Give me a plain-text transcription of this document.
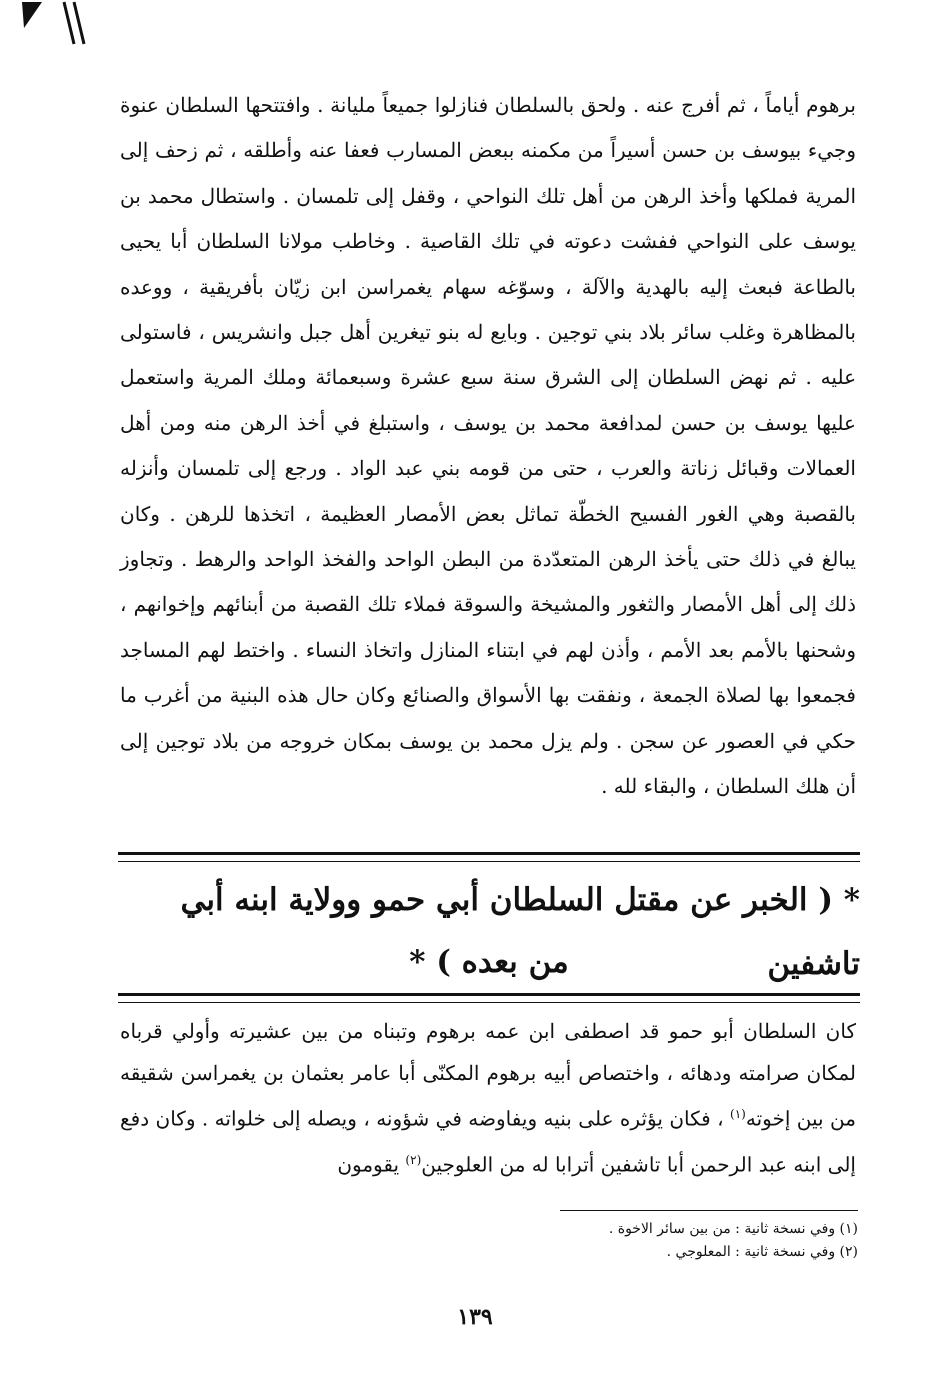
برهوم أياماً ، ثم أفرج عنه . ولحق بالسلطان فنازلوا جميعاً مليانة . وافتتحها السلطان عنوة وجيء بيوسف بن حسن أسيراً من مكمنه ببعض المسارب فعفا عنه وأطلقه ، ثم زحف إلى المرية فملكها وأخذ الرهن من أهل تلك النواحي ، وقفل إلى تلمسان . واستطال محمد بن يوسف على النواحي ففشت دعوته في تلك القاصية . وخاطب مولانا السلطان أبا يحيى بالطاعة فبعث إليه بالهدية والآلة ، وسوّغه سهام يغمراسن ابن زيّان بأفريقية ، ووعده بالمظاهرة وغلب سائر بلاد بني توجين . وبايع له بنو تيغرين أهل جبل وانشريس ، فاستولى عليه . ثم نهض السلطان إلى الشرق سنة سبع عشرة وسبعمائة وملك المرية واستعمل عليها يوسف بن حسن لمدافعة محمد بن يوسف ، واستبلغ في أخذ الرهن منه ومن أهل العمالات وقبائل زناتة والعرب ، حتى من قومه بني عبد الواد . ورجع إلى تلمسان وأنزله بالقصبة وهي الغور الفسيح الخطّة تماثل بعض الأمصار العظيمة ، اتخذها للرهن . وكان يبالغ في ذلك حتى يأخذ الرهن المتعدّدة من البطن الواحد والفخذ الواحد والرهط . وتجاوز ذلك إلى أهل الأمصار والثغور والمشيخة والسوقة فملاء تلك القصبة من أبنائهم وإخوانهم ، وشحنها بالأمم بعد الأمم ، وأذن لهم في ابتناء المنازل واتخاذ النساء . واختط لهم المساجد فجمعوا بها لصلاة الجمعة ، ونفقت بها الأسواق والصنائع وكان حال هذه البنية من أغرب ما حكي في العصور عن سجن . ولم يزل محمد بن يوسف بمكان خروجه من بلاد توجين إلى أن هلك السلطان ، والبقاء لله .

* ( الخبر عن مقتل السلطان أبي حمو وولاية ابنه أبي تاشفين
من بعده ) *

كان السلطان أبو حمو قد اصطفى ابن عمه برهوم وتبناه من بين عشيرته وأولي قرباه لمكان صرامته ودهائه ، واختصاص أبيه برهوم المكنّى أبا عامر بعثمان بن يغمراسن شقيقه من بين إخوته$^{(١)}$ ، فكان يؤثره على بنيه ويفاوضه في شؤونه ، ويصله إلى خلواته . وكان دفع إلى ابنه عبد الرحمن أبا تاشفين أترابا له من العلوجين$^{(٢)}$ يقومون

(١) وفي نسخة ثانية : من بين سائر الاخوة .
(٢) وفي نسخة ثانية : المعلوجي .
١٣٩
